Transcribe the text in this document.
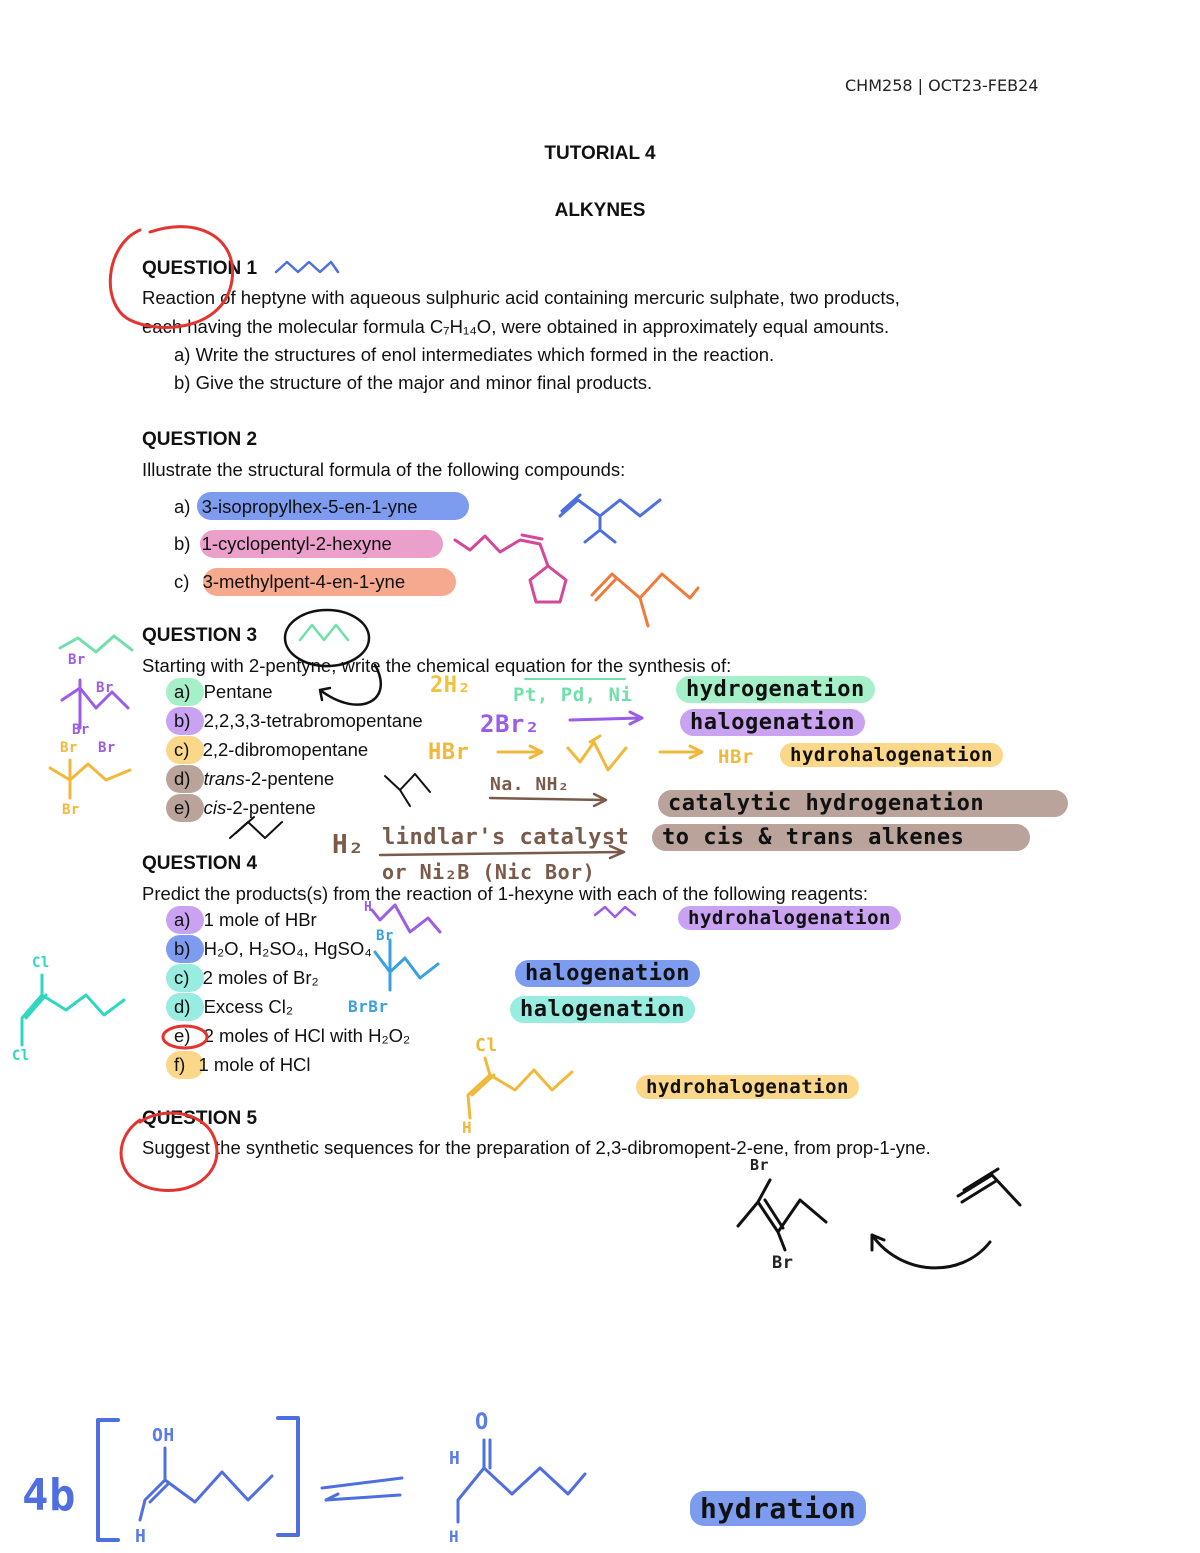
CHM258 | OCT23-FEB24
TUTORIAL 4
ALKYNES
QUESTION 1
Reaction of heptyne with aqueous sulphuric acid containing mercuric sulphate, two products,
each having the molecular formula C₇H₁₄O, were obtained in approximately equal amounts.
a) Write the structures of enol intermediates which formed in the reaction.
b) Give the structure of the major and minor final products.
QUESTION 2
Illustrate the structural formula of the following compounds:
a) 3-isopropylhex-5-en-1-yne
b) 1-cyclopentyl-2-hexyne
c) 3-methylpent-4-en-1-yne
QUESTION 3
Starting with 2-pentyne, write the chemical equation for the synthesis of:
a) Pentane
b) 2,2,3,3-tetrabromopentane
c) 2,2-dibromopentane
d) trans-2-pentene
e) cis-2-pentene
QUESTION 4
Predict the products(s) from the reaction of 1-hexyne with each of the following reagents:
a) 1 mole of HBr
b) H₂O, H₂SO₄, HgSO₄
c) 2 moles of Br₂
d) Excess Cl₂
e) 2 moles of HCl with H₂O₂
f) 1 mole of HCl
QUESTION 5
Suggest the synthetic sequences for the preparation of 2,3-dibromopent-2-ene, from prop-1-yne.
hydrogenation
halogenation
hydrohalogenation
catalytic hydrogenation
to cis & trans alkenes
hydrohalogenation
halogenation
halogenation
hydrohalogenation
hydration
2H₂ Pt, Pd, Ni
2Br₂
HBr	HBr
Na. NH₂
H₂ lindlar's catalyst
or Ni₂B (Nic Bor)
4b
OH
O
H
H
H
Br
Br
Cl
H
H
BrBr
Br
Cl
Cl
Br
Br
Br
Br Br
Br
